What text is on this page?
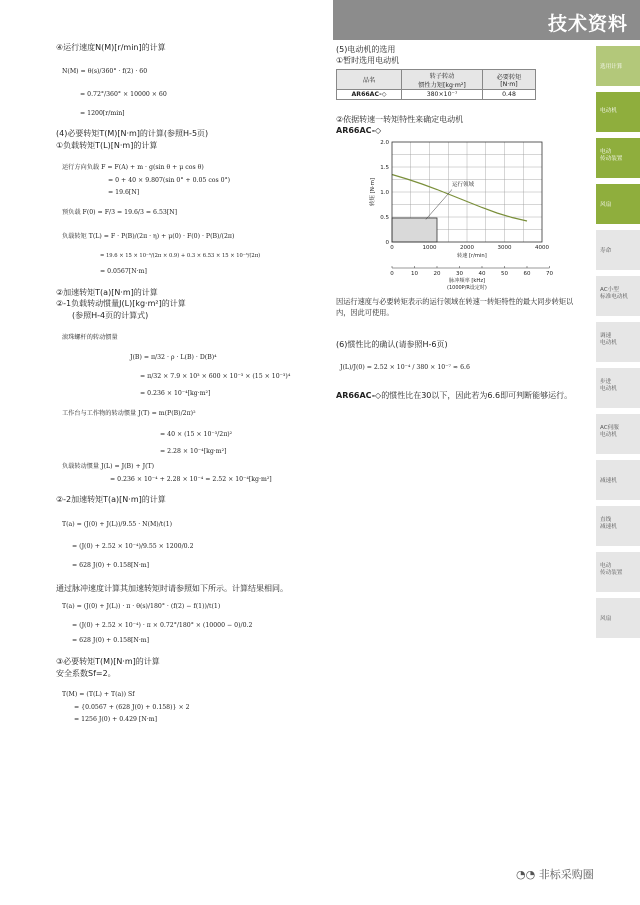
技术资料
选用计算
电动机
电动
传动装置
风扇
寿命
AC小型
标准电动机
调速
电动机
步进
电动机
AC伺服
电动机
减速机
直线
减速机
电动
传动装置
风扇
④运行速度N(M)[r/min]的计算
N(M) = θ(s)/360° · f(2) · 60
= 0.72°/360° × 10000 × 60
= 1200[r/min]
(4)必要转矩T(M)[N·m]的计算(参照H-5页)
①负载转矩T(L)[N·m]的计算
运行方向负载 F = F(A) + m · g(sin θ + μ cos θ)
= 0 + 40 × 9.807(sin 0° + 0.05 cos 0°)
= 19.6[N]
预负载 F(0) = F/3 = 19.6/3 = 6.53[N]
负载转矩 T(L) = F · P(B)/(2π · η) + μ(0) · F(0) · P(B)/(2π)
= 19.6 × 15 × 10⁻³/(2π × 0.9) + 0.3 × 6.53 × 15 × 10⁻³/(2π)
= 0.0567[N·m]
②加速转矩T(a)[N·m]的计算
②-1负载转动惯量J(L)[kg·m²]的计算
(参照H-4页的计算式)
滚珠螺杆的转动惯量
J(B) = π/32 · ρ · L(B) · D(B)⁴
= π/32 × 7.9 × 10³ × 600 × 10⁻³ × (15 × 10⁻³)⁴
= 0.236 × 10⁻⁴[kg·m²]
工作台与工作物的转动惯量 J(T) = m(P(B)/2π)²
= 40 × (15 × 10⁻³/2π)²
= 2.28 × 10⁻⁴[kg·m²]
负载转动惯量 J(L) = J(B) + J(T)
= 0.236 × 10⁻⁴ + 2.28 × 10⁻⁴ = 2.52 × 10⁻⁴[kg·m²]
②-2加速转矩T(a)[N·m]的计算
T(a) = (J(0) + J(L))/9.55 · N(M)/t(1)
= (J(0) + 2.52 × 10⁻⁴)/9.55 × 1200/0.2
= 628 J(0) + 0.158[N·m]
通过脉冲速度计算其加速转矩时请参照如下所示。计算结果相同。
T(a) = (J(0) + J(L)) · π · θ(s)/180° · (f(2) − f(1))/t(1)
= (J(0) + 2.52 × 10⁻⁴) · π × 0.72°/180° × (10000 − 0)/0.2
= 628 J(0) + 0.158[N·m]
③必要转矩T(M)[N·m]的计算
安全系数Sf=2。
T(M) = (T(L) + T(a)) Sf
= {0.0567 + (628 J(0) + 0.158)} × 2
= 1256 J(0) + 0.429 [N·m]
(5)电动机的选用
①暂时选用电动机
品名	转子转动
惯性力矩[kg·m²]	必要转矩
[N·m]
AR66AC-◇	380×10⁻⁷	0.48
②依据转速一转矩特性来确定电动机
AR66AC-◇
运行领域
0
0.5
1.0
1.5
2.0
0	1000	2000	3000	4000
0	10	20	30	40	50	60	70
转矩 [N·m]
转速 [r/min]
脉冲频率 [kHz]
(1000P/R设定时)
因运行速度与必要转矩表示的运行领域在转速一转矩特性的最大同步转矩以内，因此可使用。
(6)惯性比的确认(请参照H-6页)
J(L)/J(0) = 2.52 × 10⁻⁴ / 380 × 10⁻⁷ ≈ 6.6
AR66AC-◇的惯性比在30以下，因此若为6.6即可判断能够运行。
◔◔ 非标采购圈
